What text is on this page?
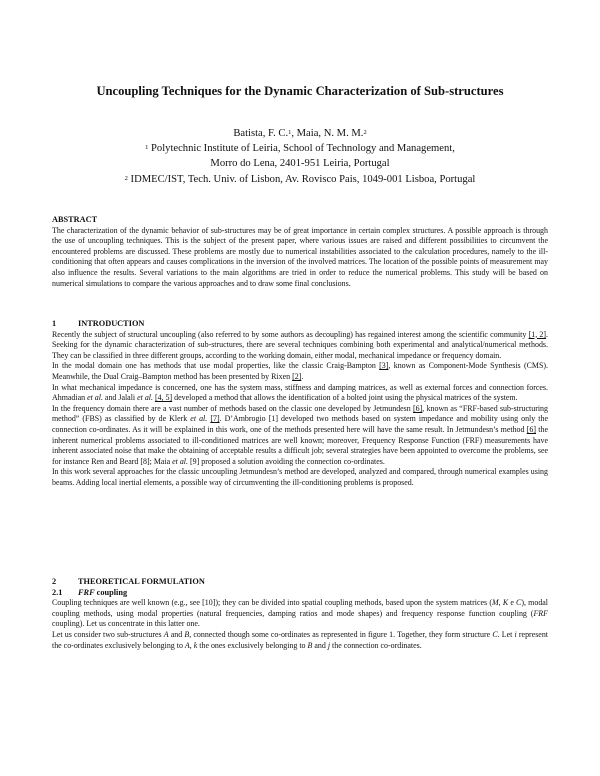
Uncoupling Techniques for the Dynamic Characterization of Sub-structures
Batista, F. C.$^1$, Maia, N. M. M.$^2$
$^1$ Polytechnic Institute of Leiria, School of Technology and Management,
Morro do Lena, 2401-951 Leiria, Portugal
$^2$ IDMEC/IST, Tech. Univ. of Lisbon, Av. Rovisco Pais, 1049-001 Lisboa, Portugal
ABSTRACT

The characterization of the dynamic behavior of sub-structures may be of great importance in certain complex structures. A possible approach is through the use of uncoupling techniques. This is the subject of the present paper, where various issues are raised and different possibilities to circumvent the encountered problems are discussed. These problems are mostly due to numerical instabilities associated to the calculation procedures, namely to the ill-conditioning that often appears and causes complications in the inversion of the involved matrices. The location of the possible points of measurement may also influence the results. Several variations to the main algorithms are tried in order to reduce the numerical problems. This study will be based on numerical simulations to compare the various approaches and to draw some final conclusions.

1	INTRODUCTION

Recently the subject of structural uncoupling (also referred to by some authors as decoupling) has regained interest among the scientific community [1, 2]. Seeking for the dynamic characterization of sub-structures, there are several techniques combining both experimental and analytical/numerical methods. They can be classified in three different groups, according to the working domain, either modal, mechanical impedance or frequency domain.

In the modal domain one has methods that use modal properties, like the classic Craig-Bampton [3], known as Component-Mode Synthesis (CMS). Meanwhile, the Dual Craig–Bampton method has been presented by Rixen [2].

In what mechanical impedance is concerned, one has the system mass, stiffness and damping matrices, as well as external forces and connection forces. Ahmadian et al. and Jalali et al. [4, 5] developed a method that allows the identification of a bolted joint using the physical matrices of the system.

In the frequency domain there are a vast number of methods based on the classic one developed by Jetmundesn [6], known as “FRF-based sub-structuring method” (FBS) as classified by de Klerk et al. [7]. D’Ambrogio [1] developed two methods based on system impedance and mobility using only the connection co-ordinates. As it will be explained in this work, one of the methods presented here will have the same result. In Jetmundesn’s method [6] the inherent numerical problems associated to ill-conditioned matrices are well known; moreover, Frequency Response Function (FRF) measurements have inherent associated noise that make the obtaining of acceptable results a difficult job; several strategies have been appointed to overcome the problems, see for instance Ren and Beard [8]; Maia et al. [9] proposed a solution avoiding the connection co-ordinates.

In this work several approaches for the classic uncoupling Jetmundesn’s method are developed, analyzed and compared, through numerical examples using beams. Adding local inertial elements, a possible way of circumventing the ill-conditioning problems is proposed.

2	THEORETICAL FORMULATION
2.1 FRF coupling

Coupling techniques are well known (e.g., see [10]); they can be divided into spatial coupling methods, based upon the system matrices (M, K e C), modal coupling methods, using modal properties (natural frequencies, damping ratios and mode shapes) and frequency response function coupling (FRF coupling). Let us concentrate in this latter one.

Let us consider two sub-structures A and B, connected though some co-ordinates as represented in figure 1. Together, they form structure C. Let i represent the co-ordinates exclusively belonging to A, k the ones exclusively belonging to B and j the connection co-ordinates.
